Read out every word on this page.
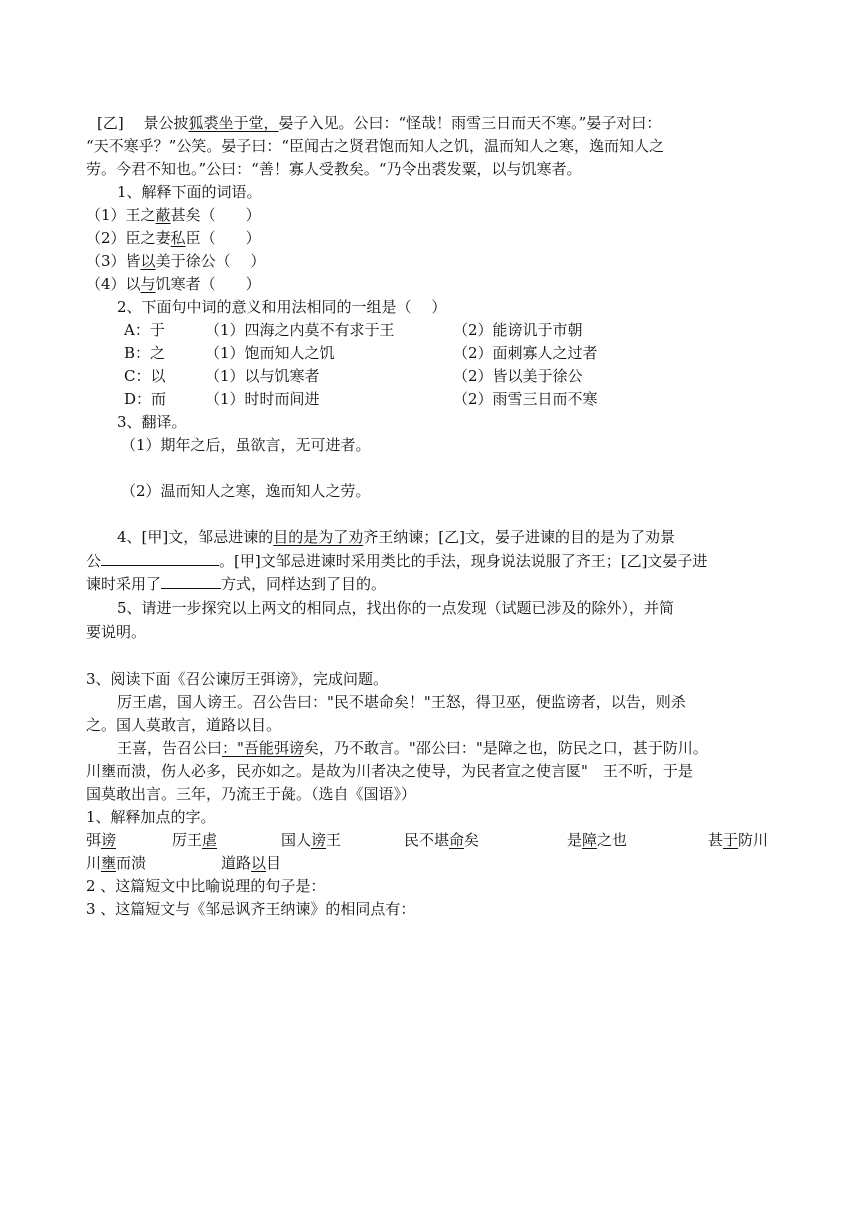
[乙]　 景公披狐裘坐于堂，晏子入见。公曰：“怪哉！雨雪三日而天不寒。”晏子对曰：
“天不寒乎？”公笑。晏子曰：“臣闻古之贤君饱而知人之饥，温而知人之寒，逸而知人之
劳。今君不知也。”公曰：“善！寡人受教矣。“乃令出裘发粟，以与饥寒者。
1、解释下面的词语。
（1）王之蔽甚矣（　　）
（2）臣之妻私臣（　　）
（3）皆以美于徐公（　 ）
（4）以与饥寒者（　　）
2、下面句中词的意义和用法相同的一组是（　 ）
A：于	（1）四海之内莫不有求于王	（2）能谤讥于市朝
B：之	（1）饱而知人之饥	（2）面刺寡人之过者
C：以	（1）以与饥寒者	（2）皆以美于徐公
D：而	（1）时时而间进	（2）雨雪三日而不寒
3、翻译。
（1）期年之后，虽欲言，无可进者。
（2）温而知人之寒，逸而知人之劳。
4、[甲]文，邹忌进谏的目的是为了劝齐王纳谏；[乙]文，晏子进谏的目的是为了劝景
公	。[甲]文邹忌进谏时采用类比的手法，现身说法说服了齐王；[乙]文晏子进
谏时采用了	方式，同样达到了目的。
5、请进一步探究以上两文的相同点，找出你的一点发现（试题已涉及的除外），并简
要说明。
3、阅读下面《召公谏厉王弭谤》，完成问题。
厉王虐，国人谤王。召公告曰："民不堪命矣！"王怒，得卫巫，便监谤者，以告，则杀
之。国人莫敢言，道路以目。
王喜，告召公曰："吾能弭谤矣，乃不敢言。"邵公曰："是障之也，防民之口，甚于防川。
川壅而溃，伤人必多，民亦如之。是故为川者决之使导，为民者宣之使言匽"　王不听，于是
国莫敢出言。三年，乃流王于彘。（选自《国语》）
1、解释加点的字。
弭谤	厉王虐	国人谤王	民不堪命矣	是障之也	甚于防川
川壅而溃	道路以目
2 、这篇短文中比喻说理的句子是：
3 、这篇短文与《邹忌讽齐王纳谏》的相同点有：
